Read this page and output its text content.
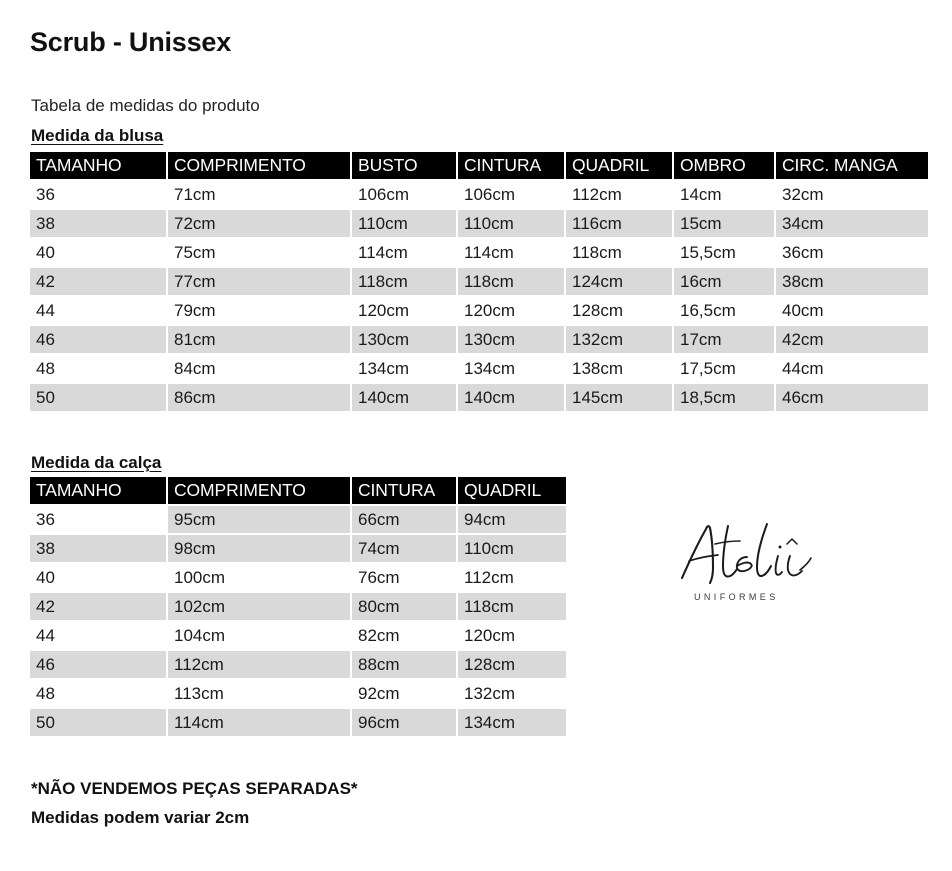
Scrub - Unissex
Tabela de medidas do produto
Medida da blusa
TAMANHO	COMPRIMENTO	BUSTO	CINTURA	QUADRIL	OMBRO	CIRC. MANGA
36	71cm	106cm	106cm	112cm	14cm	32cm
38	72cm	110cm	110cm	116cm	15cm	34cm
40	75cm	114cm	114cm	118cm	15,5cm	36cm
42	77cm	118cm	118cm	124cm	16cm	38cm
44	79cm	120cm	120cm	128cm	16,5cm	40cm
46	81cm	130cm	130cm	132cm	17cm	42cm
48	84cm	134cm	134cm	138cm	17,5cm	44cm
50	86cm	140cm	140cm	145cm	18,5cm	46cm
Medida da calça
TAMANHO	COMPRIMENTO	CINTURA	QUADRIL
36	95cm	66cm	94cm
38	98cm	74cm	110cm
40	100cm	76cm	112cm
42	102cm	80cm	118cm
44	104cm	82cm	120cm
46	112cm	88cm	128cm
48	113cm	92cm	132cm
50	114cm	96cm	134cm
UNIFORMES
*NÃO VENDEMOS PEÇAS SEPARADAS*
Medidas podem variar 2cm
